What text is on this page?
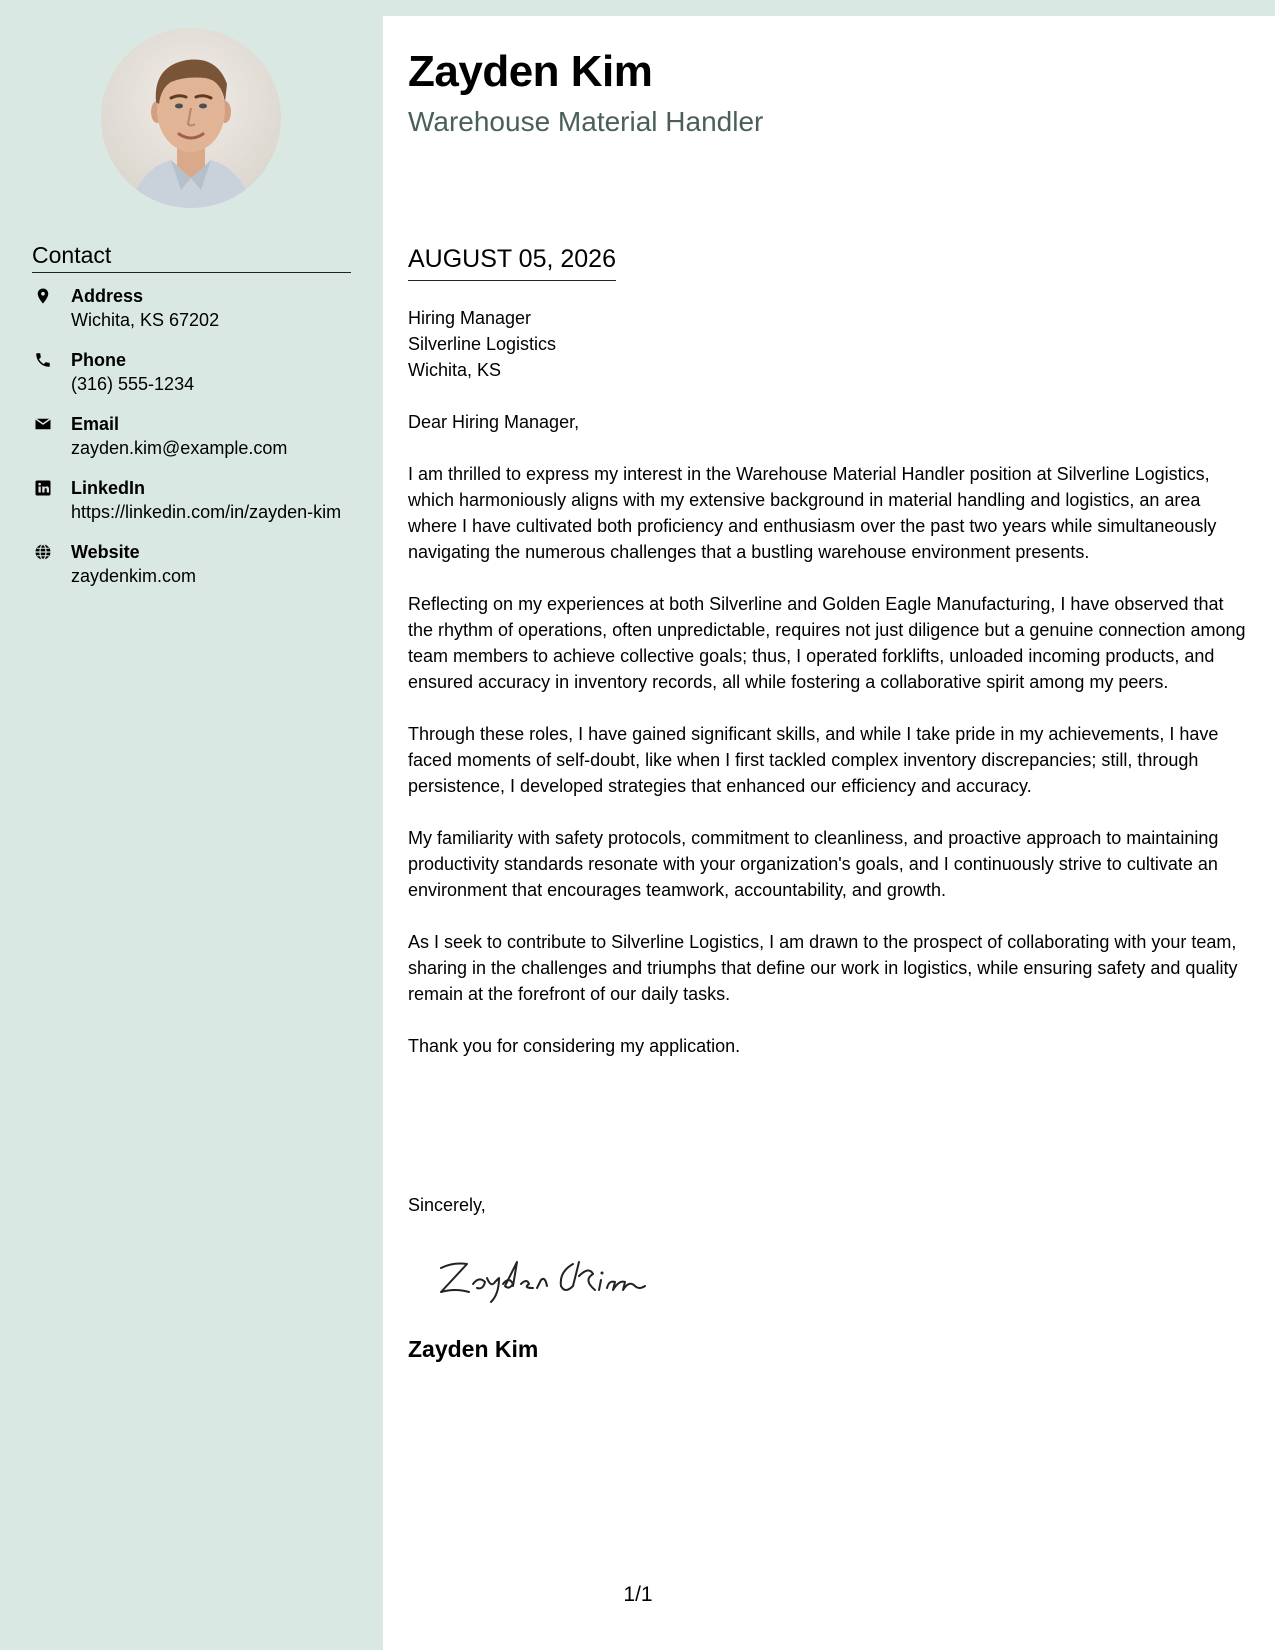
Contact
Address
Wichita, KS 67202
Phone
(316) 555-1234
Email
zayden.kim@example.com
LinkedIn
https://linkedin.com/in/zayden-kim
Website
zaydenkim.com
Zayden Kim
Warehouse Material Handler
AUGUST 05, 2026

Hiring Manager
Silverline Logistics
Wichita, KS

Dear Hiring Manager,

I am thrilled to express my interest in the Warehouse Material Handler position at Silverline Logistics, which harmoniously aligns with my extensive background in material handling and logistics, an area where I have cultivated both proficiency and enthusiasm over the past two years while simultaneously navigating the numerous challenges that a bustling warehouse environment presents.

Reflecting on my experiences at both Silverline and Golden Eagle Manufacturing, I have observed that the rhythm of operations, often unpredictable, requires not just diligence but a genuine connection among team members to achieve collective goals; thus, I operated forklifts, unloaded incoming products, and ensured accuracy in inventory records, all while fostering a collaborative spirit among my peers.

Through these roles, I have gained significant skills, and while I take pride in my achievements, I have faced moments of self-doubt, like when I first tackled complex inventory discrepancies; still, through persistence, I developed strategies that enhanced our efficiency and accuracy.

My familiarity with safety protocols, commitment to cleanliness, and proactive approach to maintaining productivity standards resonate with your organization's goals, and I continuously strive to cultivate an environment that encourages teamwork, accountability, and growth.

As I seek to contribute to Silverline Logistics, I am drawn to the prospect of collaborating with your team, sharing in the challenges and triumphs that define our work in logistics, while ensuring safety and quality remain at the forefront of our daily tasks.

Thank you for considering my application.

Sincerely,
Zayden Kim
1/1
